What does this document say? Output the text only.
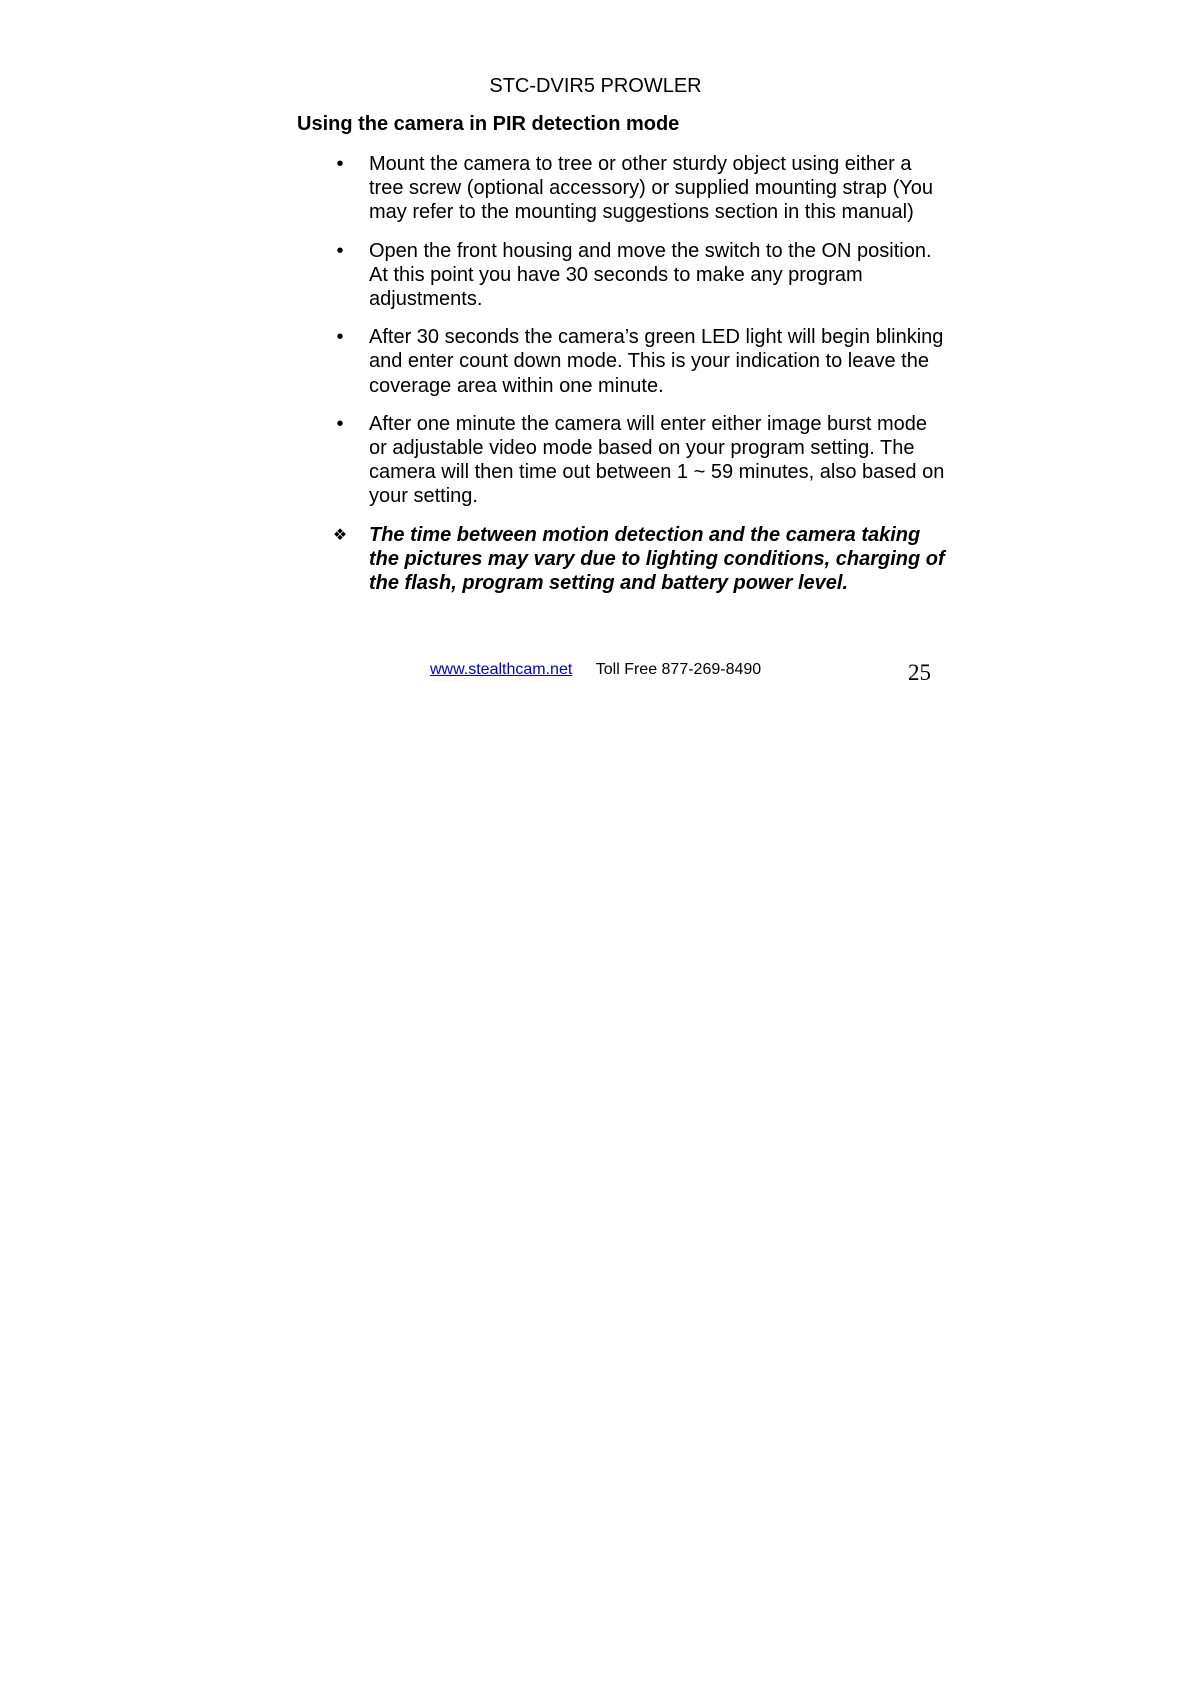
STC-DVIR5 PROWLER
Using the camera in PIR detection mode
•	Mount the camera to tree or other sturdy object using either a tree screw (optional accessory) or supplied mounting strap (You may refer to the mounting suggestions section in this manual)
•	Open the front housing and move the switch to the ON position. At this point you have 30 seconds to make any program adjustments.
•	After 30 seconds the camera’s green LED light will begin blinking and enter count down mode. This is your indication to leave the coverage area within one minute.
•	After one minute the camera will enter either image burst mode or adjustable video mode based on your program setting. The camera will then time out between 1 ~ 59 minutes, also based on your setting.
❖ The time between motion detection and the camera taking the pictures may vary due to lighting conditions, charging of the flash, program setting and battery power level.
www.stealthcam.net Toll Free 877-269-8490	25
